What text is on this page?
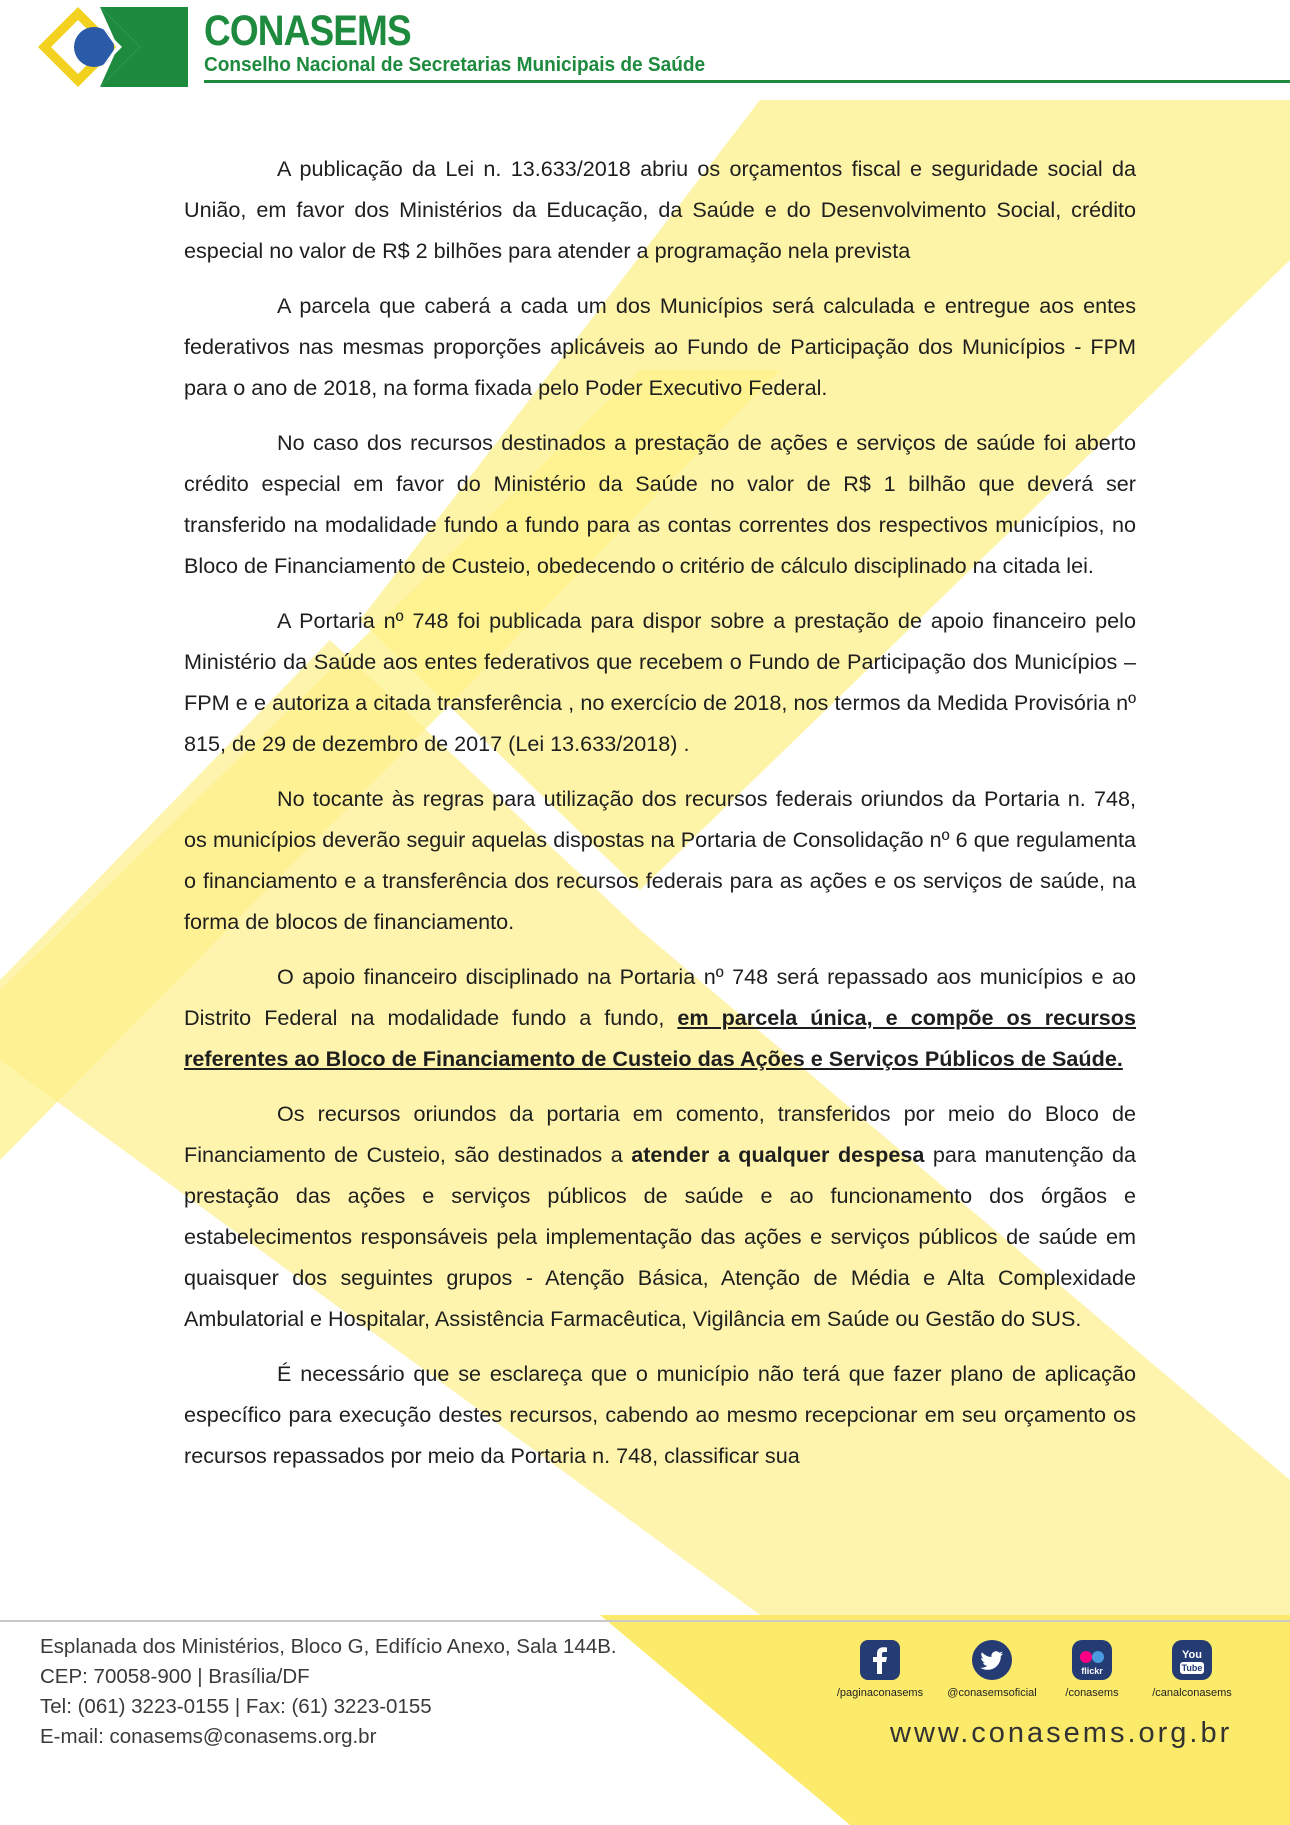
CONASEMS
Conselho Nacional de Secretarias Municipais de Saúde

A publicação da Lei n. 13.633/2018 abriu os orçamentos fiscal e seguridade social da União, em favor dos Ministérios da Educação, da Saúde e do Desenvolvimento Social, crédito especial no valor de R$ 2 bilhões para atender a programação nela prevista

A parcela que caberá a cada um dos Municípios será calculada e entregue aos entes federativos nas mesmas proporções aplicáveis ao Fundo de Participação dos Municípios - FPM para o ano de 2018, na forma fixada pelo Poder Executivo Federal.

No caso dos recursos destinados a prestação de ações e serviços de saúde foi aberto crédito especial em favor do Ministério da Saúde no valor de R$ 1 bilhão que deverá ser transferido na modalidade fundo a fundo para as contas correntes dos respectivos municípios, no Bloco de Financiamento de Custeio, obedecendo o critério de cálculo disciplinado na citada lei.

A Portaria nº 748 foi publicada para dispor sobre a prestação de apoio financeiro pelo Ministério da Saúde aos entes federativos que recebem o Fundo de Participação dos Municípios – FPM e e autoriza a citada transferência , no exercício de 2018, nos termos da Medida Provisória nº 815, de 29 de dezembro de 2017 (Lei 13.633/2018) .

No tocante às regras para utilização dos recursos federais oriundos da Portaria n. 748, os municípios deverão seguir aquelas dispostas na Portaria de Consolidação nº 6 que regulamenta o financiamento e a transferência dos recursos federais para as ações e os serviços de saúde, na forma de blocos de financiamento.

O apoio financeiro disciplinado na Portaria nº 748 será repassado aos municípios e ao Distrito Federal na modalidade fundo a fundo, em parcela única, e compõe os recursos referentes ao Bloco de Financiamento de Custeio das Ações e Serviços Públicos de Saúde.

Os recursos oriundos da portaria em comento, transferidos por meio do Bloco de Financiamento de Custeio, são destinados a atender a qualquer despesa para manutenção da prestação das ações e serviços públicos de saúde e ao funcionamento dos órgãos e estabelecimentos responsáveis pela implementação das ações e serviços públicos de saúde em quaisquer dos seguintes grupos - Atenção Básica, Atenção de Média e Alta Complexidade Ambulatorial e Hospitalar, Assistência Farmacêutica, Vigilância em Saúde ou Gestão do SUS.

É necessário que se esclareça que o município não terá que fazer plano de aplicação específico para execução destes recursos, cabendo ao mesmo recepcionar em seu orçamento os recursos repassados por meio da Portaria n. 748, classificar sua

Esplanada dos Ministérios, Bloco G, Edifício Anexo, Sala 144B.
CEP: 70058-900 | Brasília/DF
Tel: (061) 3223-0155 | Fax: (61) 3223-0155
E-mail: conasems@conasems.org.br
/paginaconasems	@conasemsoficial
flickr
/conasems
You
Tube
/canalconasems
www.conasems.org.br
